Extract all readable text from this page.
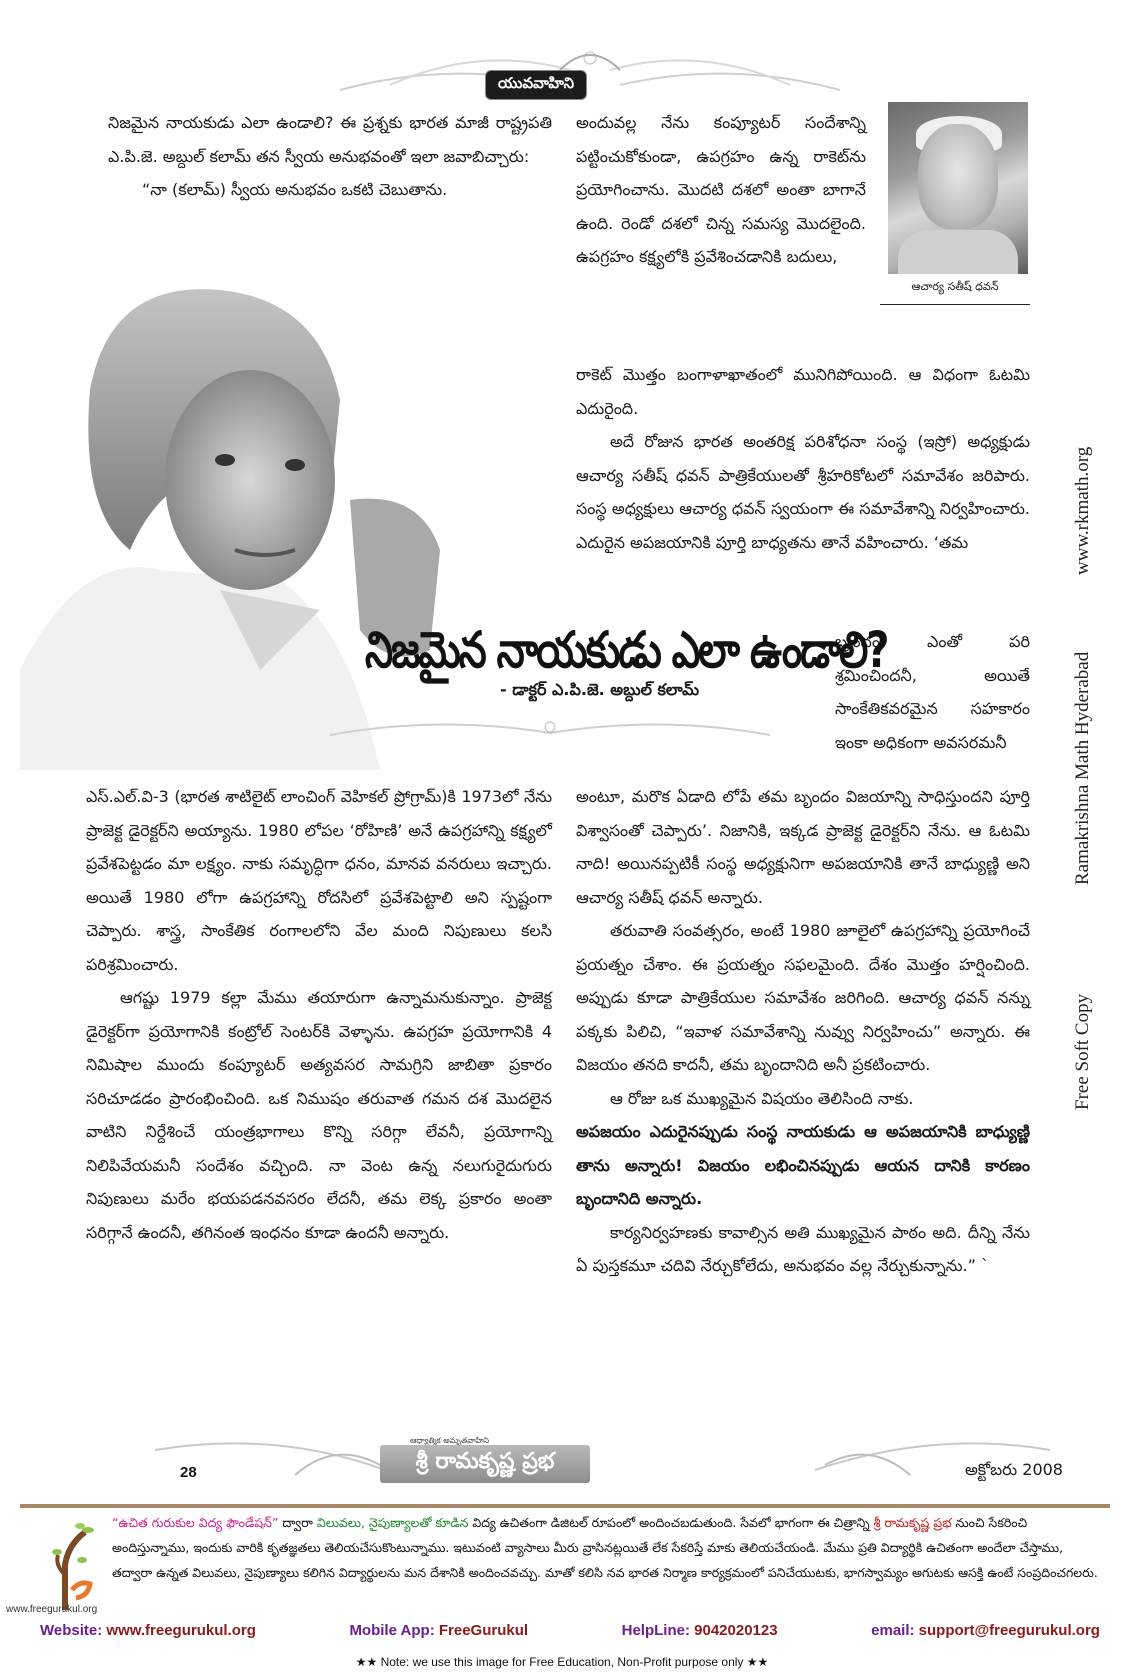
యువవాహిని

నిజమైన నాయకుడు ఎలా ఉండాలి? ఈ ప్రశ్నకు భారత మాజీ రాష్ట్రపతి ఎ.పి.జె. అబ్దుల్ కలామ్ తన స్వీయ అనుభవంతో ఇలా జవాబిచ్చారు:

“నా (కలామ్) స్వీయ అనుభవం ఒకటి చెబుతాను.

అందువల్ల నేను కంప్యూటర్ సందేశాన్ని పట్టించుకోకుండా, ఉపగ్రహం ఉన్న రాకెట్‌ను ప్రయోగించాను. మొదటి దశలో అంతా బాగానే ఉంది. రెండో దశలో చిన్న సమస్య మొదలైంది. ఉపగ్రహం కక్ష్యలోకి ప్రవేశించడానికి బదులు,

ఆచార్య సతీష్ ధవన్

రాకెట్ మొత్తం బంగాళాఖాతంలో మునిగిపోయింది. ఆ విధంగా ఓటమి ఎదురైంది.

అదే రోజున భారత అంతరిక్ష పరిశోధనా సంస్థ (ఇస్రో) అధ్యక్షుడు ఆచార్య సతీష్ ధవన్ పాత్రికేయులతో శ్రీహరికోటలో సమావేశం జరిపారు. సంస్థ అధ్యక్షులు ఆచార్య ధవన్ స్వయంగా ఈ సమావేశాన్ని నిర్వహించారు. ఎదురైన అపజయానికి పూర్తి బాధ్యతను తానే వహించారు. ‘తమ

బృందం ఎంతో పరి శ్రమించిందనీ, అయితే సాంకేతికవరమైన సహకారం ఇంకా అధికంగా అవసరమనీ

నిజమైన నాయకుడు ఎలా ఉండాలి?
- డాక్టర్ ఎ.పి.జె. అబ్దుల్ కలామ్

ఎస్.ఎల్.వి-3 (భారత శాటిలైట్ లాంచింగ్ వెహికల్ ప్రోగ్రామ్)కి 1973లో నేను ప్రాజెక్ట డైరెక్టర్‌ని అయ్యాను. 1980 లోపల ‘రోహిణి’ అనే ఉపగ్రహాన్ని కక్ష్యలో ప్రవేశపెట్టడం మా లక్ష్యం. నాకు సమృద్ధిగా ధనం, మానవ వనరులు ఇచ్చారు. అయితే 1980 లోగా ఉపగ్రహాన్ని రోదసిలో ప్రవేశపెట్టాలి అని స్పష్టంగా చెప్పారు. శాస్త్ర, సాంకేతిక రంగాలలోని వేల మంది నిపుణులు కలసి పరిశ్రమించారు.

ఆగష్టు 1979 కల్లా మేము తయారుగా ఉన్నామనుకున్నాం. ప్రాజెక్ట డైరెక్టర్‌గా ప్రయోగానికి కంట్రోల్ సెంటర్‌కి వెళ్ళాను. ఉపగ్రహ ప్రయోగానికి 4 నిమిషాల ముందు కంప్యూటర్ అత్యవసర సామగ్రిని జాబితా ప్రకారం సరిచూడడం ప్రారంభించింది. ఒక నిముషం తరువాత గమన దశ మొదలైన వాటిని నిర్దేశించే యంత్రభాగాలు కొన్ని సరిగ్గా లేవనీ, ప్రయోగాన్ని నిలిపివేయమనీ సందేశం వచ్చింది. నా వెంట ఉన్న నలుగురైదుగురు నిపుణులు మరేం భయపడనవసరం లేదనీ, తమ లెక్క ప్రకారం అంతా సరిగ్గానే ఉందనీ, తగినంత ఇంధనం కూడా ఉందనీ అన్నారు.

అంటూ, మరొక ఏడాది లోపే తమ బృందం విజయాన్ని సాధిస్తుందని పూర్తి విశ్వాసంతో చెప్పారు’. నిజానికి, ఇక్కడ ప్రాజెక్ట డైరెక్టర్‌ని నేను. ఆ ఓటమి నాది! అయినప్పటికీ సంస్థ అధ్యక్షునిగా అపజయానికి తానే బాధ్యుణ్ణి అని ఆచార్య సతీష్ ధవన్ అన్నారు.

తరువాతి సంవత్సరం, అంటే 1980 జూలైలో ఉపగ్రహాన్ని ప్రయోగించే ప్రయత్నం చేశాం. ఈ ప్రయత్నం సఫలమైంది. దేశం మొత్తం హర్షించింది. అప్పుడు కూడా పాత్రికేయుల సమావేశం జరిగింది. ఆచార్య ధవన్ నన్ను పక్కకు పిలిచి, “ఇవాళ సమావేశాన్ని నువ్వు నిర్వహించు” అన్నారు. ఈ విజయం తనది కాదనీ, తమ బృందానిది అనీ ప్రకటించారు.

ఆ రోజు ఒక ముఖ్యమైన విషయం తెలిసింది నాకు.

అపజయం ఎదురైనప్పుడు సంస్థ నాయకుడు ఆ అపజయానికి బాధ్యుణ్ణి తాను అన్నారు! విజయం లభించినప్పుడు ఆయన దానికి కారణం బృందానిది అన్నారు.

కార్యనిర్వహణకు కావాల్సిన అతి ముఖ్యమైన పాఠం అది. దీన్ని నేను ఏ పుస్తకమూ చదివి నేర్చుకోలేదు, అనుభవం వల్ల నేర్చుకున్నాను.” `

Free Soft Copy
Ramakrishna Math Hyderabad
www.rkmath.org
28
ఆధ్యాత్మిక అమృతవాహిని
శ్రీ రామకృష్ణ ప్రభ	అక్టోబరు 2008
www.freegurukul.org
“ఉచిత గురుకుల విద్య ఫౌండేషన్” ద్వారా విలువలు, నైపుణ్యాలతో కూడిన విద్య ఉచితంగా డిజిటల్ రూపంలో అందించబడుతుంది. సేవలో భాగంగా ఈ చిత్రాన్ని శ్రీ రామకృష్ణ ప్రభ నుంచి సేకరించి అందిస్తున్నాము, ఇందుకు వారికి కృతజ్ఞతలు తెలియచేసుకొంటున్నాము. ఇటువంటి వ్యాసాలు మీరు వ్రాసినట్లయితే లేక సేకరిస్తే మాకు తెలియచేయండి. మేము ప్రతి విద్యార్థికి ఉచితంగా అందేలా చేస్తాము, తద్వారా ఉన్నత విలువలు, నైపుణ్యాలు కలిగిన విద్యార్థులను మన దేశానికి అందించవచ్చు. మాతో కలిసి నవ భారత నిర్మాణ కార్యక్రమంలో పనిచేయుటకు, భాగస్వామ్యం అగుటకు ఆసక్తి ఉంటే సంప్రదించగలరు.
Website: www.freegurukul.org	Mobile App: FreeGurukul	HelpLine: 9042020123	email: support@freegurukul.org
★★ Note: we use this image for Free Education, Non-Profit purpose only ★★
